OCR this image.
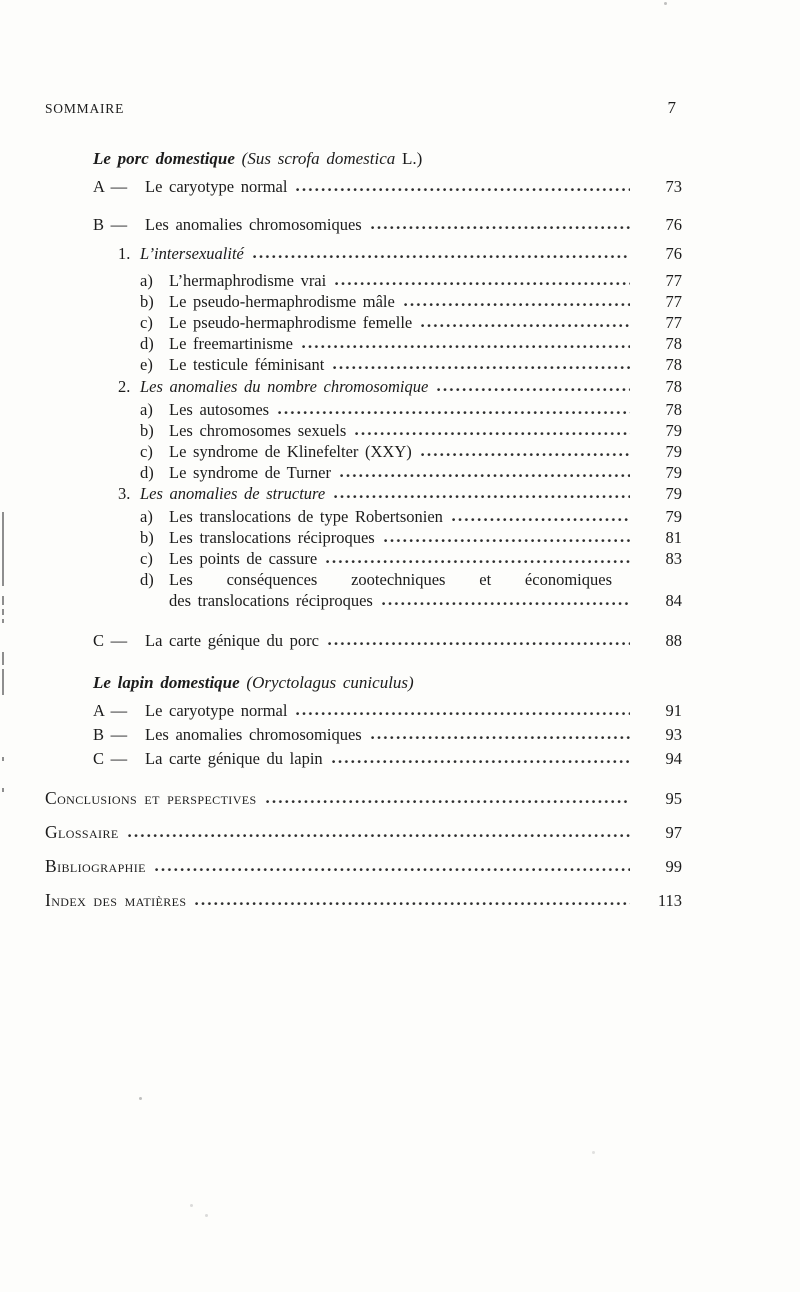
SOMMAIRE	7
Le porc domestique (Sus scrofa domestica L.)
A —	Le caryotype normal	73
B —	Les anomalies chromosomiques	76
1. L’intersexualité	76
a) L’hermaphrodisme vrai	77
b) Le pseudo-hermaphrodisme mâle	77
c) Le pseudo-hermaphrodisme femelle	77
d) Le freemartinisme	78
e) Le testicule féminisant	78
2. Les anomalies du nombre chromosomique	78
a) Les autosomes	78
b) Les chromosomes sexuels	79
c) Le syndrome de Klinefelter (XXY)	79
d) Le syndrome de Turner	79
3. Les anomalies de structure	79
a) Les translocations de type Robertsonien	79
b) Les translocations réciproques	81
c) Les points de cassure	83
d) Les conséquences zootechniques et économiques
des translocations réciproques	84
C —	La carte génique du porc	88
Le lapin domestique (Oryctolagus cuniculus)
A —	Le caryotype normal	91
B —	Les anomalies chromosomiques	93
C —	La carte génique du lapin	94
Conclusions et perspectives	95
Glossaire	97
Bibliographie	99
Index des matières	113
